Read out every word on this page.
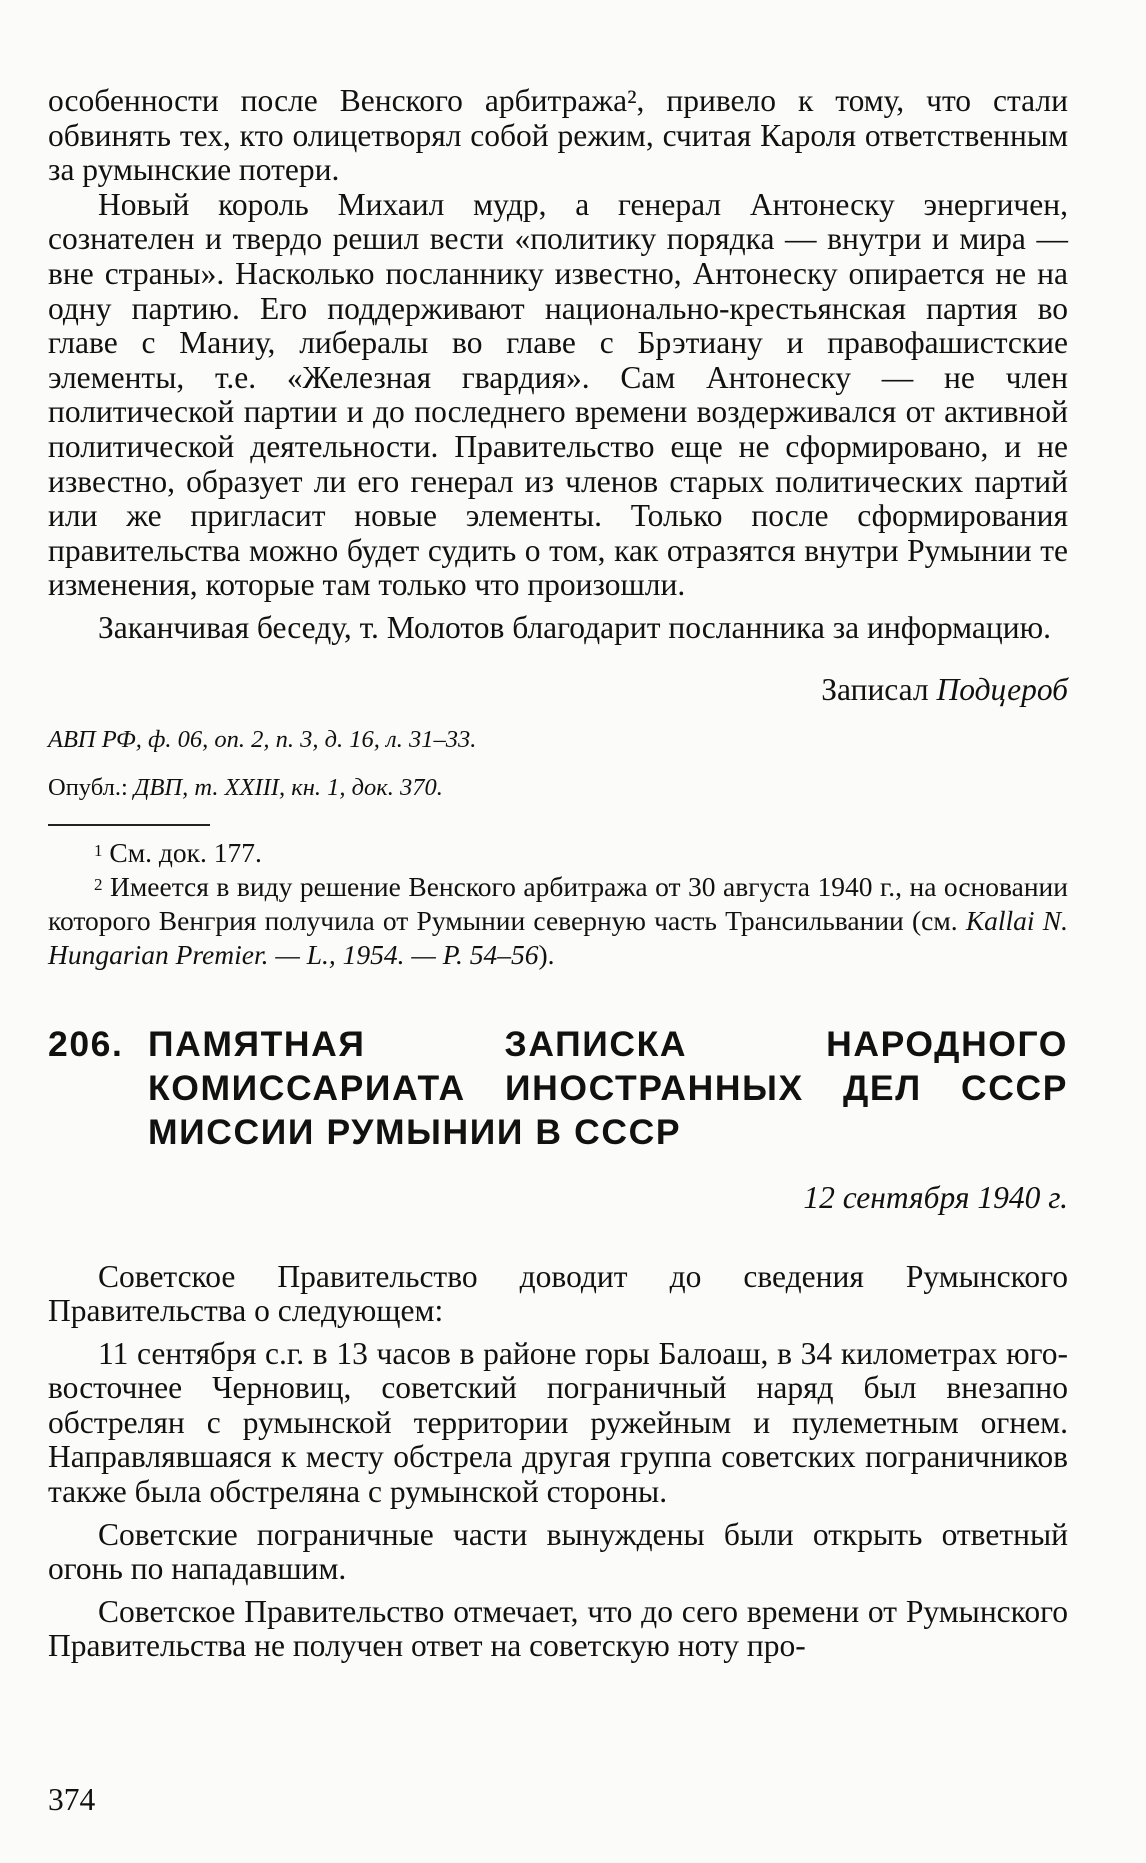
особенности после Венского арбитража², привело к тому, что стали обвинять тех, кто олицетворял собой режим, считая Кароля ответственным за румынские потери.

Новый король Михаил мудр, а генерал Антонеску энергичен, сознателен и твердо решил вести «политику порядка — внутри и мира — вне страны». Насколько посланнику известно, Антонеску опирается не на одну партию. Его поддерживают национально-крестьянская партия во главе с Маниу, либералы во главе с Брэтиану и правофашистские элементы, т.е. «Железная гвардия». Сам Антонеску — не член политической партии и до последнего времени воздерживался от активной политической деятельности. Правительство еще не сформировано, и не известно, образует ли его генерал из членов старых политических партий или же пригласит новые элементы. Только после сформирования правительства можно будет судить о том, как отразятся внутри Румынии те изменения, которые там только что произошли.

Заканчивая беседу, т. Молотов благодарит посланника за информацию.

Записал Подцероб
АВП РФ, ф. 06, оп. 2, п. 3, д. 16, л. 31–33.
Опубл.: ДВП, т. XXIII, кн. 1, док. 370.
$^1$ См. док. 177.
$^2$ Имеется в виду решение Венского арбитража от 30 августа 1940 г., на основании которого Венгрия получила от Румынии северную часть Трансильвании (см. Kallai N. Hungarian Premier. — L., 1954. — P. 54–56).
206. ПАМЯТНАЯ ЗАПИСКА НАРОДНОГО КОМИССАРИАТА ИНОСТРАННЫХ ДЕЛ СССР МИССИИ РУМЫНИИ В СССР
12 сентября 1940 г.

Советское Правительство доводит до сведения Румынского Правительства о следующем:

11 сентября с.г. в 13 часов в районе горы Балоаш, в 34 километрах юго-восточнее Черновиц, советский пограничный наряд был внезапно обстрелян с румынской территории ружейным и пулеметным огнем. Направлявшаяся к месту обстрела другая группа советских пограничников также была обстреляна с румынской стороны.

Советские пограничные части вынуждены были открыть ответный огонь по нападавшим.

Советское Правительство отмечает, что до сего времени от Румынского Правительства не получен ответ на советскую ноту про-

374
